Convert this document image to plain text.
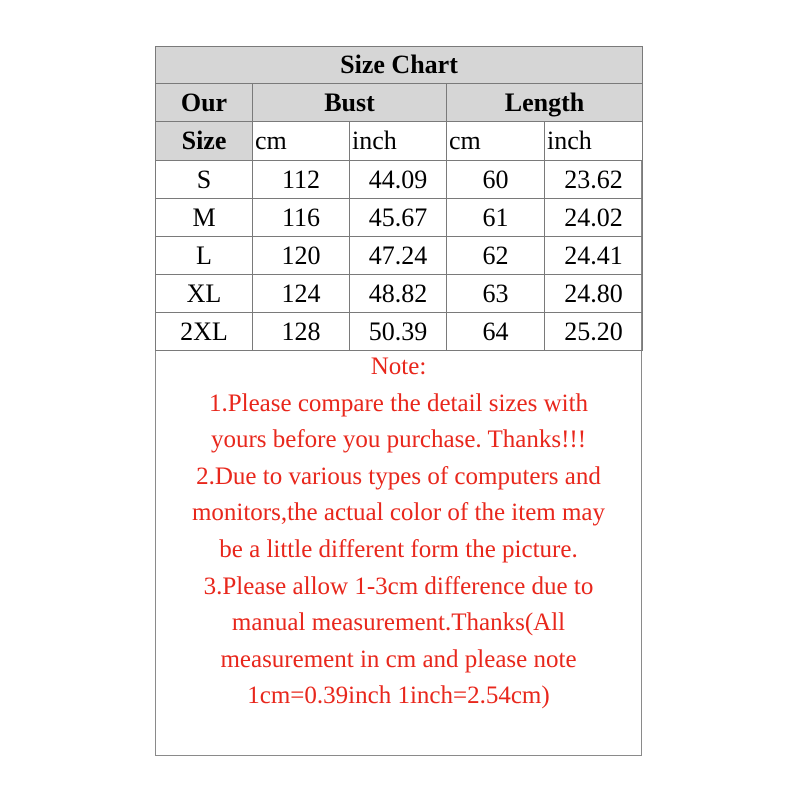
Size Chart				
Our	Bust		Length	
Size	cm	inch	cm	inch
S	112	44.09	60	23.62
M	116	45.67	61	24.02
L	120	47.24	62	24.41
XL	124	48.82	63	24.80
2XL	128	50.39	64	25.20
Note:
1.Please compare the detail sizes with
yours before you purchase. Thanks!!!
2.Due to various types of computers and
monitors,the actual color of the item may
be a little different form the picture.
3.Please allow 1-3cm difference due to
manual measurement.Thanks(All
measurement in cm and please note
1cm=0.39inch 1inch=2.54cm)
